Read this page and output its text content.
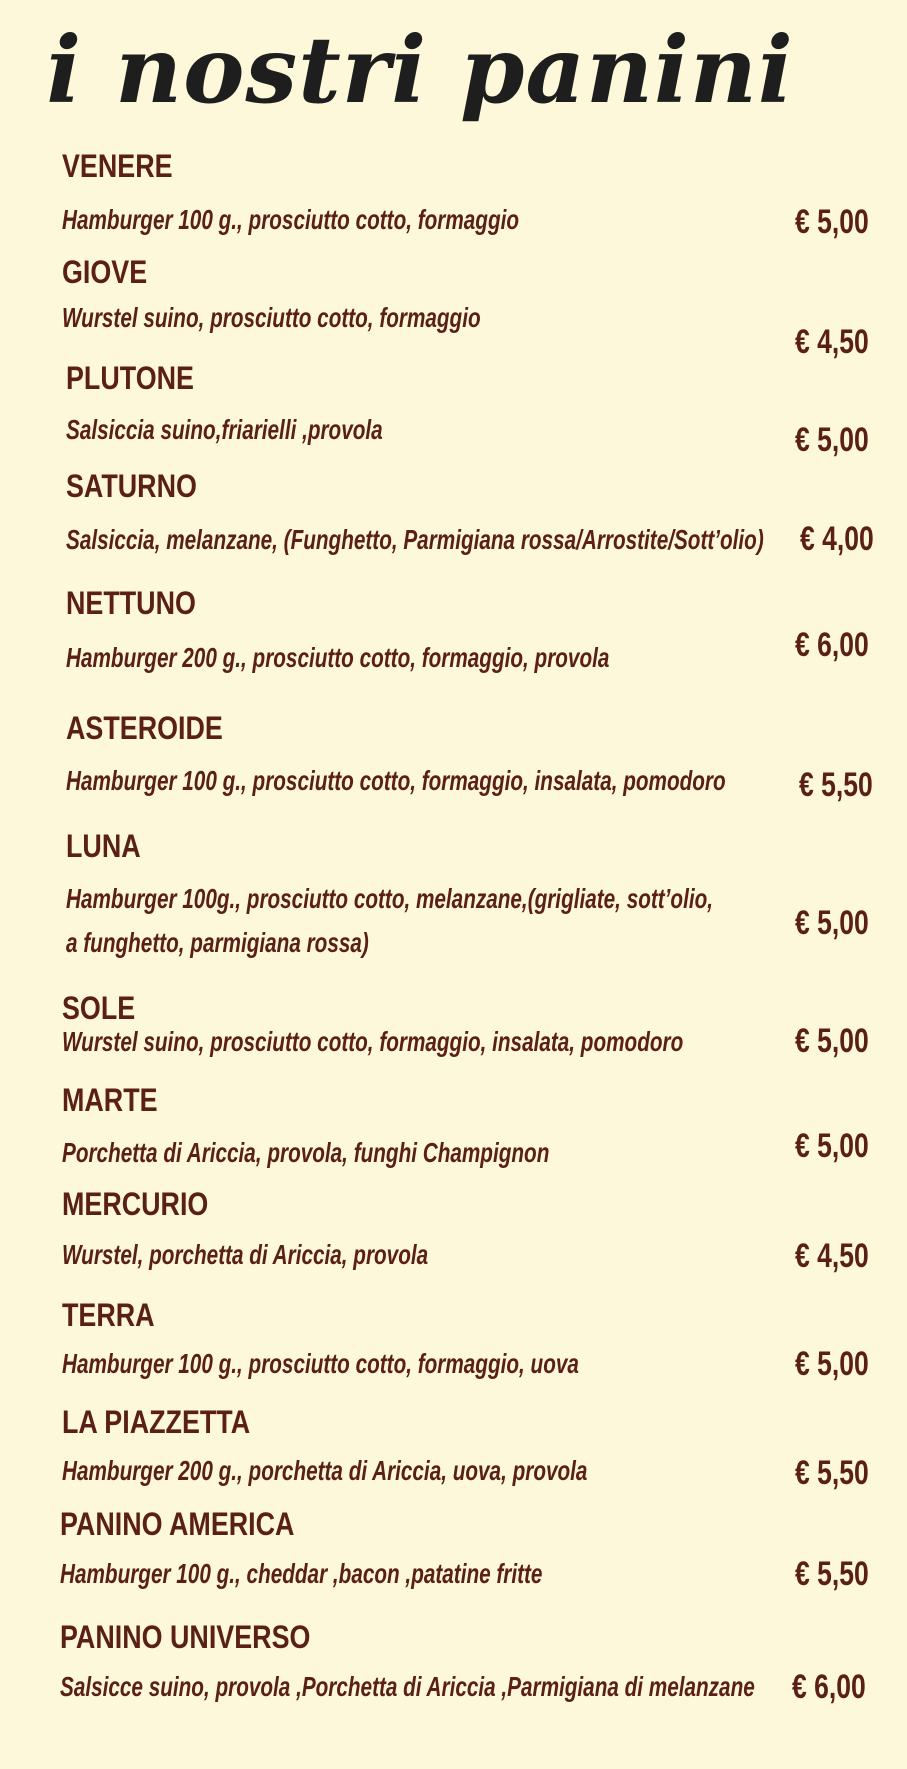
i nostri panini
VENERE
Hamburger 100 g., prosciutto cotto, formaggio	€ 5,00
GIOVE
Wurstel suino, prosciutto cotto, formaggio
€ 4,50
PLUTONE
Salsiccia suino,friarielli ,provola	€ 5,00
SATURNO
Salsiccia, melanzane, (Funghetto, Parmigiana rossa/Arrostite/Sott’olio) € 4,00
NETTUNO
Hamburger 200 g., prosciutto cotto, formaggio, provola	€ 6,00
ASTEROIDE
Hamburger 100 g., prosciutto cotto, formaggio, insalata, pomodoro € 5,50
LUNA
Hamburger 100g., prosciutto cotto, melanzane,(grigliate, sott’olio,
a funghetto, parmigiana rossa)
€ 5,00
SOLE
Wurstel suino, prosciutto cotto, formaggio, insalata, pomodoro	€ 5,00
MARTE
Porchetta di Ariccia, provola, funghi Champignon	€ 5,00
MERCURIO
Wurstel, porchetta di Ariccia, provola	€ 4,50
TERRA
Hamburger 100 g., prosciutto cotto, formaggio, uova	€ 5,00
LA PIAZZETTA
Hamburger 200 g., porchetta di Ariccia, uova, provola	€ 5,50
PANINO AMERICA
Hamburger 100 g., cheddar ,bacon ,patatine fritte	€ 5,50
PANINO UNIVERSO
Salsicce suino, provola ,Porchetta di Ariccia ,Parmigiana di melanzane € 6,00
